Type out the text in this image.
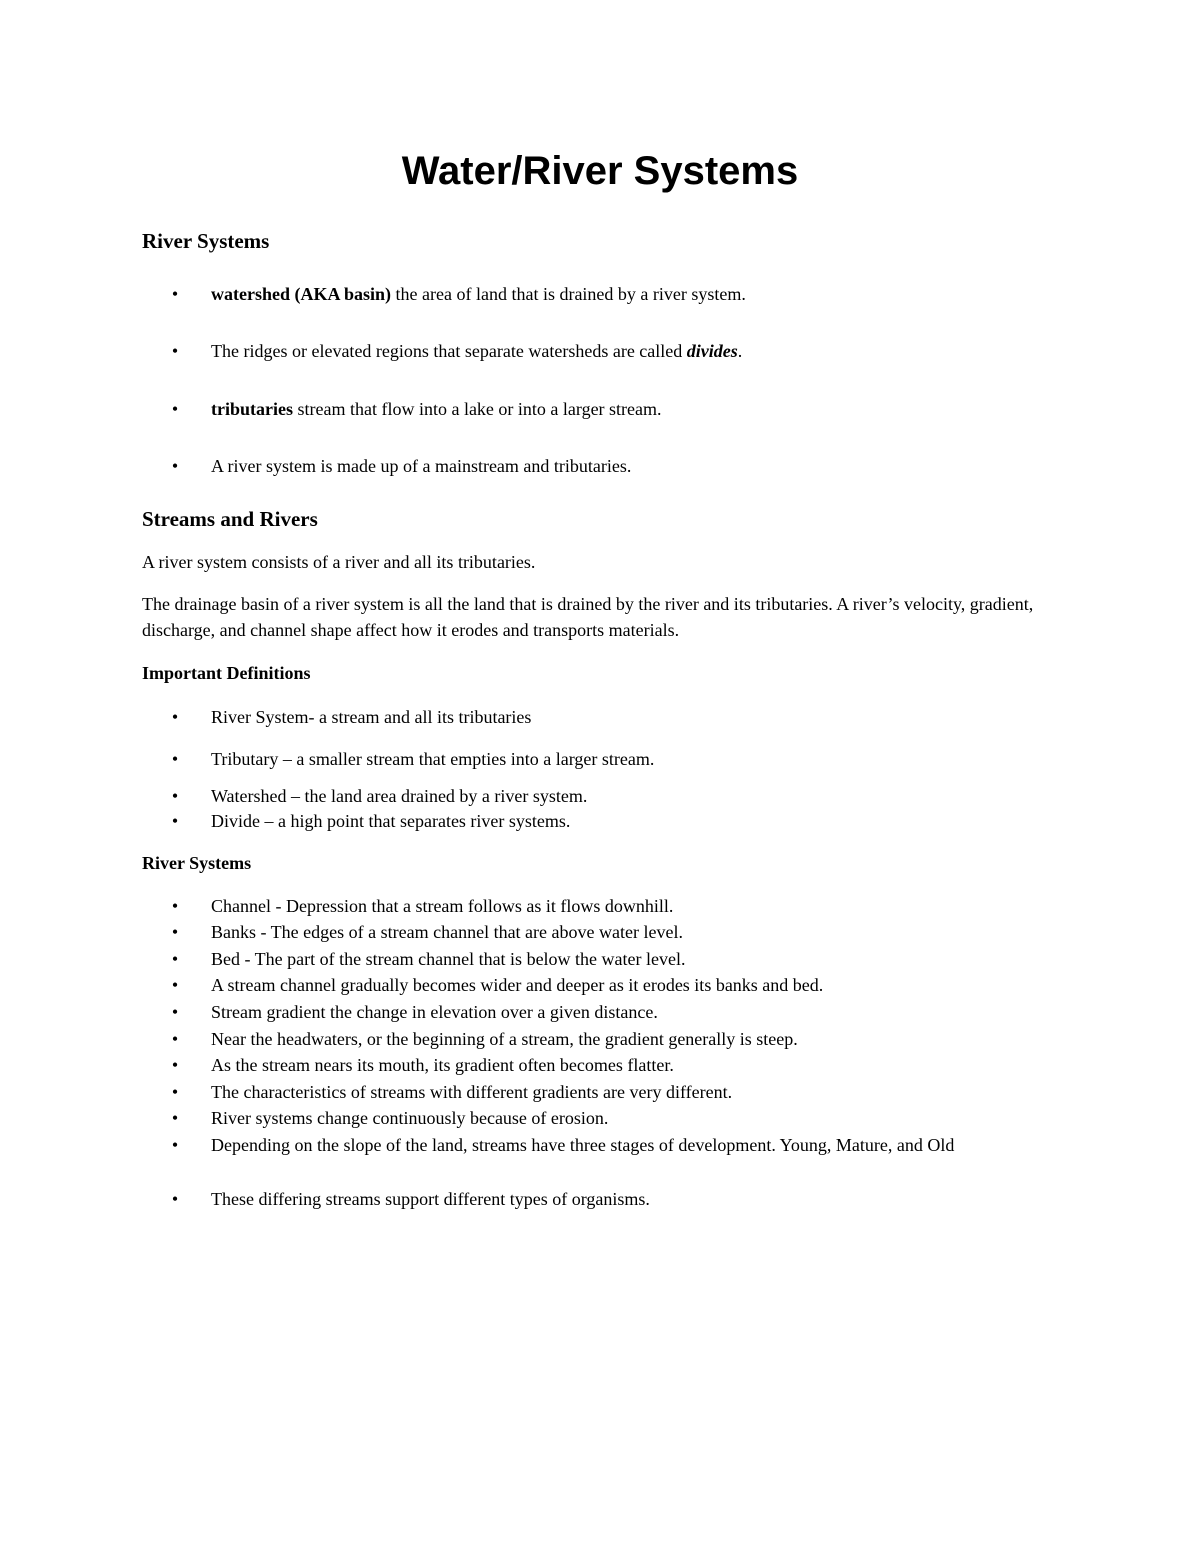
Water/River Systems
River Systems
• watershed (AKA basin) the area of land that is drained by a river system.
• The ridges or elevated regions that separate watersheds are called divides.
• tributaries stream that flow into a lake or into a larger stream.
• A river system is made up of a mainstream and tributaries.
Streams and Rivers

A river system consists of a river and all its tributaries.

The drainage basin of a river system is all the land that is drained by the river and its tributaries. A river’s velocity, gradient, discharge, and channel shape affect how it erodes and transports materials.

Important Definitions
• River System- a stream and all its tributaries
• Tributary – a smaller stream that empties into a larger stream.
• Watershed – the land area drained by a river system.
• Divide – a high point that separates river systems.
River Systems
• Channel - Depression that a stream follows as it flows downhill.
• Banks - The edges of a stream channel that are above water level.
• Bed - The part of the stream channel that is below the water level.
• A stream channel gradually becomes wider and deeper as it erodes its banks and bed.
• Stream gradient the change in elevation over a given distance.
• Near the headwaters, or the beginning of a stream, the gradient generally is steep.
• As the stream nears its mouth, its gradient often becomes flatter.
• The characteristics of streams with different gradients are very different.
• River systems change continuously because of erosion.
• Depending on the slope of the land, streams have three stages of development. Young, Mature, and Old
• These differing streams support different types of organisms.
